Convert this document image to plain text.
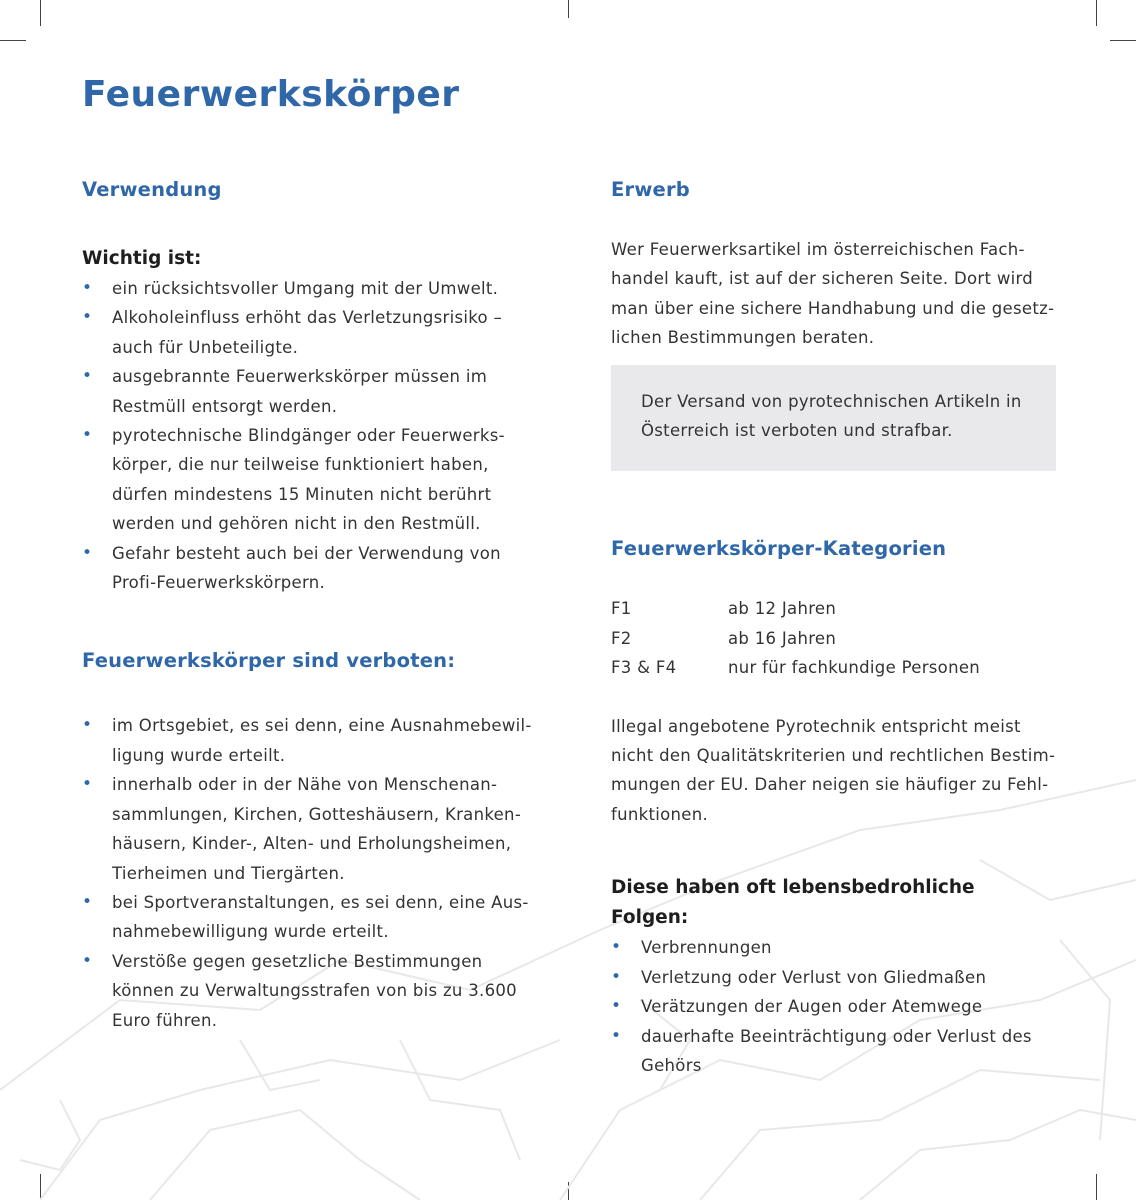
Feuerwerkskörper
Verwendung
Wichtig ist:
• ein rücksichtsvoller Umgang mit der Umwelt.
• Alkoholeinfluss erhöht das Verletzungsrisiko – auch für Unbeteiligte.
• ausgebrannte Feuerwerkskörper müssen im Restmüll entsorgt werden.
• pyrotechnische Blindgänger oder Feuerwerkskörper, die nur teilweise funktioniert haben, dürfen mindestens 15 Minuten nicht berührt werden und gehören nicht in den Restmüll.
• Gefahr besteht auch bei der Verwendung von Profi-Feuerwerkskörpern.
Feuerwerkskörper sind verboten:
• im Ortsgebiet, es sei denn, eine Ausnahmebewilligung wurde erteilt.
• innerhalb oder in der Nähe von Menschenansammlungen, Kirchen, Gotteshäusern, Krankenhäusern, Kinder-, Alten- und Erholungsheimen, Tierheimen und Tiergärten.
• bei Sportveranstaltungen, es sei denn, eine Ausnahmebewilligung wurde erteilt.
• Verstöße gegen gesetzliche Bestimmungen können zu Verwaltungsstrafen von bis zu 3.600 Euro führen.
Erwerb

Wer Feuerwerksartikel im österreichischen Fachhandel kauft, ist auf der sicheren Seite. Dort wird man über eine sichere Handhabung und die gesetzlichen Bestimmungen beraten.

Der Versand von pyrotechnischen Artikeln in Österreich ist verboten und strafbar.

Feuerwerkskörper-Kategorien
F1	ab 12 Jahren
F2	ab 16 Jahren
F3 & F4	nur für fachkundige Personen

Illegal angebotene Pyrotechnik entspricht meist nicht den Qualitätskriterien und rechtlichen Bestimmungen der EU. Daher neigen sie häufiger zu Fehlfunktionen.

Diese haben oft lebensbedrohliche Folgen:
• Verbrennungen
• Verletzung oder Verlust von Gliedmaßen
• Verätzungen der Augen oder Atemwege
• dauerhafte Beeinträchtigung oder Verlust des Gehörs
